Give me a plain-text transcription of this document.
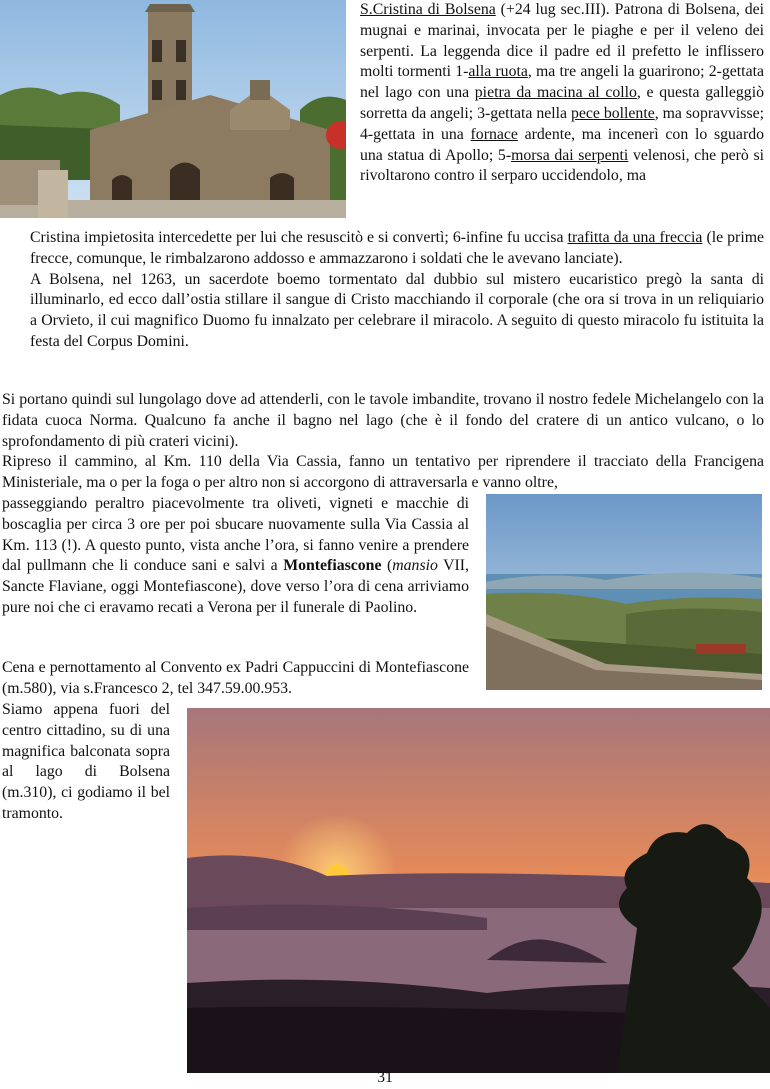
S.Cristina di Bolsena (+24 lug sec.III). Patrona di Bolsena, dei mugnai e marinai, invocata per le piaghe e per il veleno dei serpenti. La leggenda dice il padre ed il prefetto le inflissero molti tormenti 1-alla ruota, ma tre angeli la guarirono; 2-gettata nel lago con una pietra da macina al collo, e questa galleggiò sorretta da angeli; 3-gettata nella pece bollente, ma sopravvisse; 4-gettata in una fornace ardente, ma incenerì con lo sguardo una statua di Apollo; 5-morsa dai serpenti velenosi, che però si rivoltarono contro il serparo uccidendolo, ma

Cristina impietosita intercedette per lui che resuscitò e si convertì; 6-infine fu uccisa trafitta da una freccia (le prime frecce, comunque, le rimbalzarono addosso e ammazzarono i soldati che le avevano lanciate).

A Bolsena, nel 1263, un sacerdote boemo tormentato dal dubbio sul mistero eucaristico pregò la santa di illuminarlo, ed ecco dall’ostia stillare il sangue di Cristo macchiando il corporale (che ora si trova in un reliquiario a Orvieto, il cui magnifico Duomo fu innalzato per celebrare il miracolo. A seguito di questo miracolo fu istituita la festa del Corpus Domini.

Si portano quindi sul lungolago dove ad attenderli, con le tavole imbandite, trovano il nostro fedele Michelangelo con la fidata cuoca Norma. Qualcuno fa anche il bagno nel lago (che è il fondo del cratere di un antico vulcano, o lo sprofondamento di più crateri vicini).

Ripreso il cammino, al Km. 110 della Via Cassia, fanno un tentativo per riprendere il tracciato della Francigena Ministeriale, ma o per la foga o per altro non si accorgono di attraversarla e vanno oltre,

passeggiando peraltro piacevolmente tra oliveti, vigneti e macchie di boscaglia per circa 3 ore per poi sbucare nuovamente sulla Via Cassia al Km. 113 (!). A questo punto, vista anche l’ora, si fanno venire a prendere dal pullmann che li conduce sani e salvi a Montefiascone (mansio VII, Sancte Flaviane, oggi Montefiascone), dove verso l’ora di cena arriviamo pure noi che ci eravamo recati a Verona per il funerale di Paolino.

Cena e pernottamento al Convento ex Padri Cappuccini di Montefiascone (m.580), via s.Francesco 2, tel 347.59.00.953.

Siamo appena fuori del centro cittadino, su di una magnifica balconata sopra al lago di Bolsena (m.310), ci godiamo il bel tramonto.

31
